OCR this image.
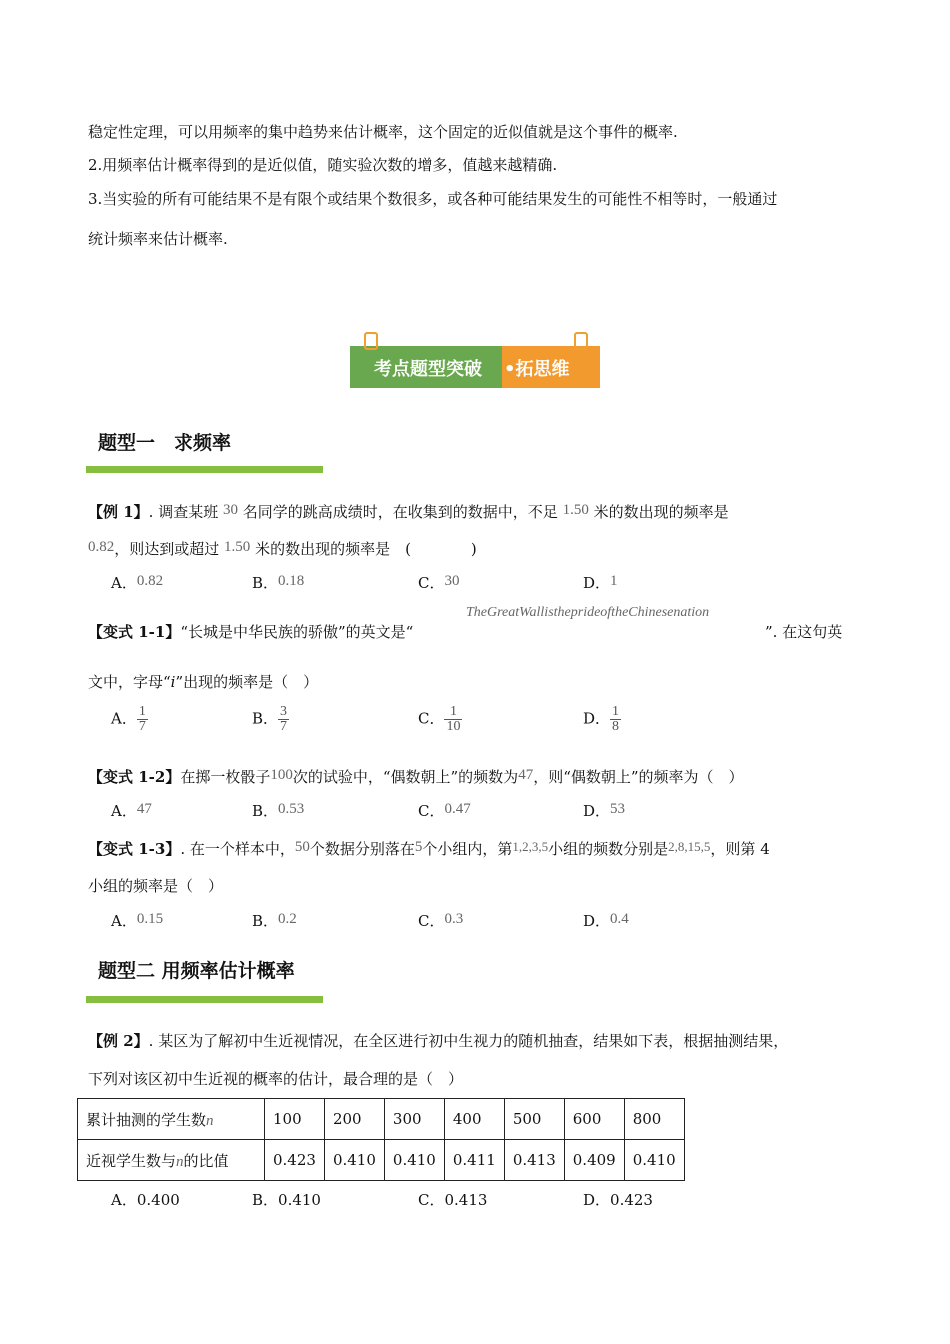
稳定性定理，可以用频率的集中趋势来估计概率，这个固定的近似值就是这个事件的概率.
2.用频率估计概率得到的是近似值，随实验次数的增多，值越来越精确.
3.当实验的所有可能结果不是有限个或结果个数很多，或各种可能结果发生的可能性不相等时，一般通过
统计频率来估计概率.
考点题型突破 •拓思维
题型一　求频率
【例 1】. 调查某班 30 名同学的跳高成绩时，在收集到的数据中，不足 1.50 米的数出现的频率是
0.82，则达到或超过 1.50 米的数出现的频率是　(　　　　)
A．0.82	B．0.18	C．30	D．1
TheGreatWallistheprideoftheChinesenation
【变式 1-1】“长城是中华民族的骄傲”的英文是“	”. 在这句英
文中，字母“i”出现的频率是（　）
A． $\frac{1}{7}$	B． $\frac{3}{7}$	C． $\frac{1}{10}$	D． $\frac{1}{8}$
【变式 1-2】在掷一枚骰子100次的试验中，“偶数朝上”的频数为47，则“偶数朝上”的频率为（　）
A．47	B．0.53	C．0.47	D．53
【变式 1-3】. 在一个样本中，50个数据分别落在5个小组内，第1,2,3,5小组的频数分别是2,8,15,5，则第 4
小组的频率是（　）
A．0.15	B．0.2	C．0.3	D．0.4
题型二 用频率估计概率
【例 2】. 某区为了解初中生近视情况，在全区进行初中生视力的随机抽查，结果如下表，根据抽测结果，
下列对该区初中生近视的概率的估计，最合理的是（　）
累计抽测的学生数n	100	200	300	400	500	600	800
近视学生数与n的比值	0.423	0.410	0.410	0.411	0.413	0.409	0.410
A．0.400	B．0.410	C．0.413	D．0.423
